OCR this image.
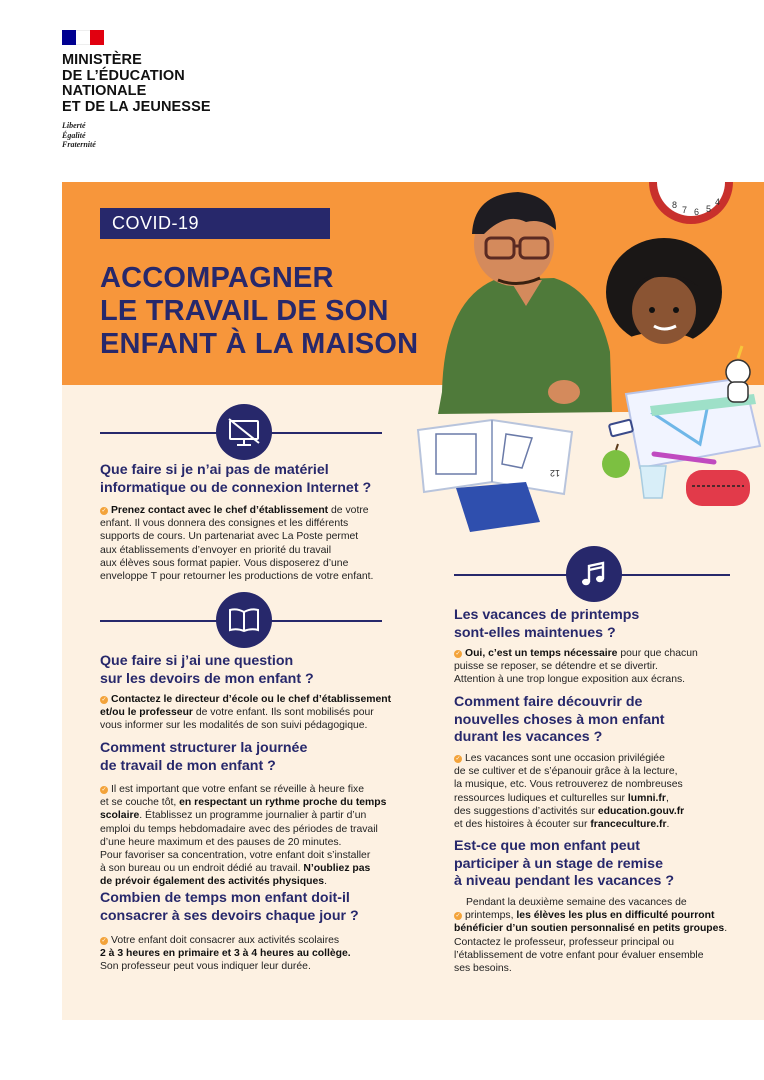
MINISTÈRE
DE L’ÉDUCATION
NATIONALE
ET DE LA JEUNESSE
Liberté
Égalité
Fraternité
COVID-19
ACCOMPAGNER
LE TRAVAIL DE SON
ENFANT À LA MAISON
8 7 6 5
4
12
Que faire si je n’ai pas de matériel
informatique ou de connexion Internet ?
✓ Prenez contact avec le chef d’établissement de votre
enfant. Il vous donnera des consignes et les différents
supports de cours. Un partenariat avec La Poste permet
aux établissements d’envoyer en priorité du travail
aux élèves sous format papier. Vous disposerez d’une
enveloppe T pour retourner les productions de votre enfant.
Que faire si j’ai une question
sur les devoirs de mon enfant ?
✓ Contactez le directeur d’école ou le chef d’établissement
et/ou le professeur de votre enfant. Ils sont mobilisés pour
vous informer sur les modalités de son suivi pédagogique.
Comment structurer la journée
de travail de mon enfant ?
✓ Il est important que votre enfant se réveille à heure fixe
et se couche tôt, en respectant un rythme proche du temps
scolaire. Établissez un programme journalier à partir d’un
emploi du temps hebdomadaire avec des périodes de travail
d’une heure maximum et des pauses de 20 minutes.
Pour favoriser sa concentration, votre enfant doit s’installer
à son bureau ou un endroit dédié au travail. N’oubliez pas
de prévoir également des activités physiques.
Combien de temps mon enfant doit-il
consacrer à ses devoirs chaque jour ?
✓ Votre enfant doit consacrer aux activités scolaires
2 à 3 heures en primaire et 3 à 4 heures au collège.
Son professeur peut vous indiquer leur durée.
Les vacances de printemps
sont-elles maintenues ?
✓ Oui, c’est un temps nécessaire pour que chacun
puisse se reposer, se détendre et se divertir.
Attention à une trop longue exposition aux écrans.
Comment faire découvrir de
nouvelles choses à mon enfant
durant les vacances ?
✓ Les vacances sont une occasion privilégiée
de se cultiver et de s’épanouir grâce à la lecture,
la musique, etc. Vous retrouverez de nombreuses
ressources ludiques et culturelles sur lumni.fr,
des suggestions d’activités sur education.gouv.fr
et des histoires à écouter sur franceculture.fr.
Est-ce que mon enfant peut
participer à un stage de remise
à niveau pendant les vacances ?
Pendant la deuxième semaine des vacances de
✓ printemps, les élèves les plus en difficulté pourront
bénéficier d’un soutien personnalisé en petits groupes.
Contactez le professeur, professeur principal ou
l’établissement de votre enfant pour évaluer ensemble
ses besoins.
